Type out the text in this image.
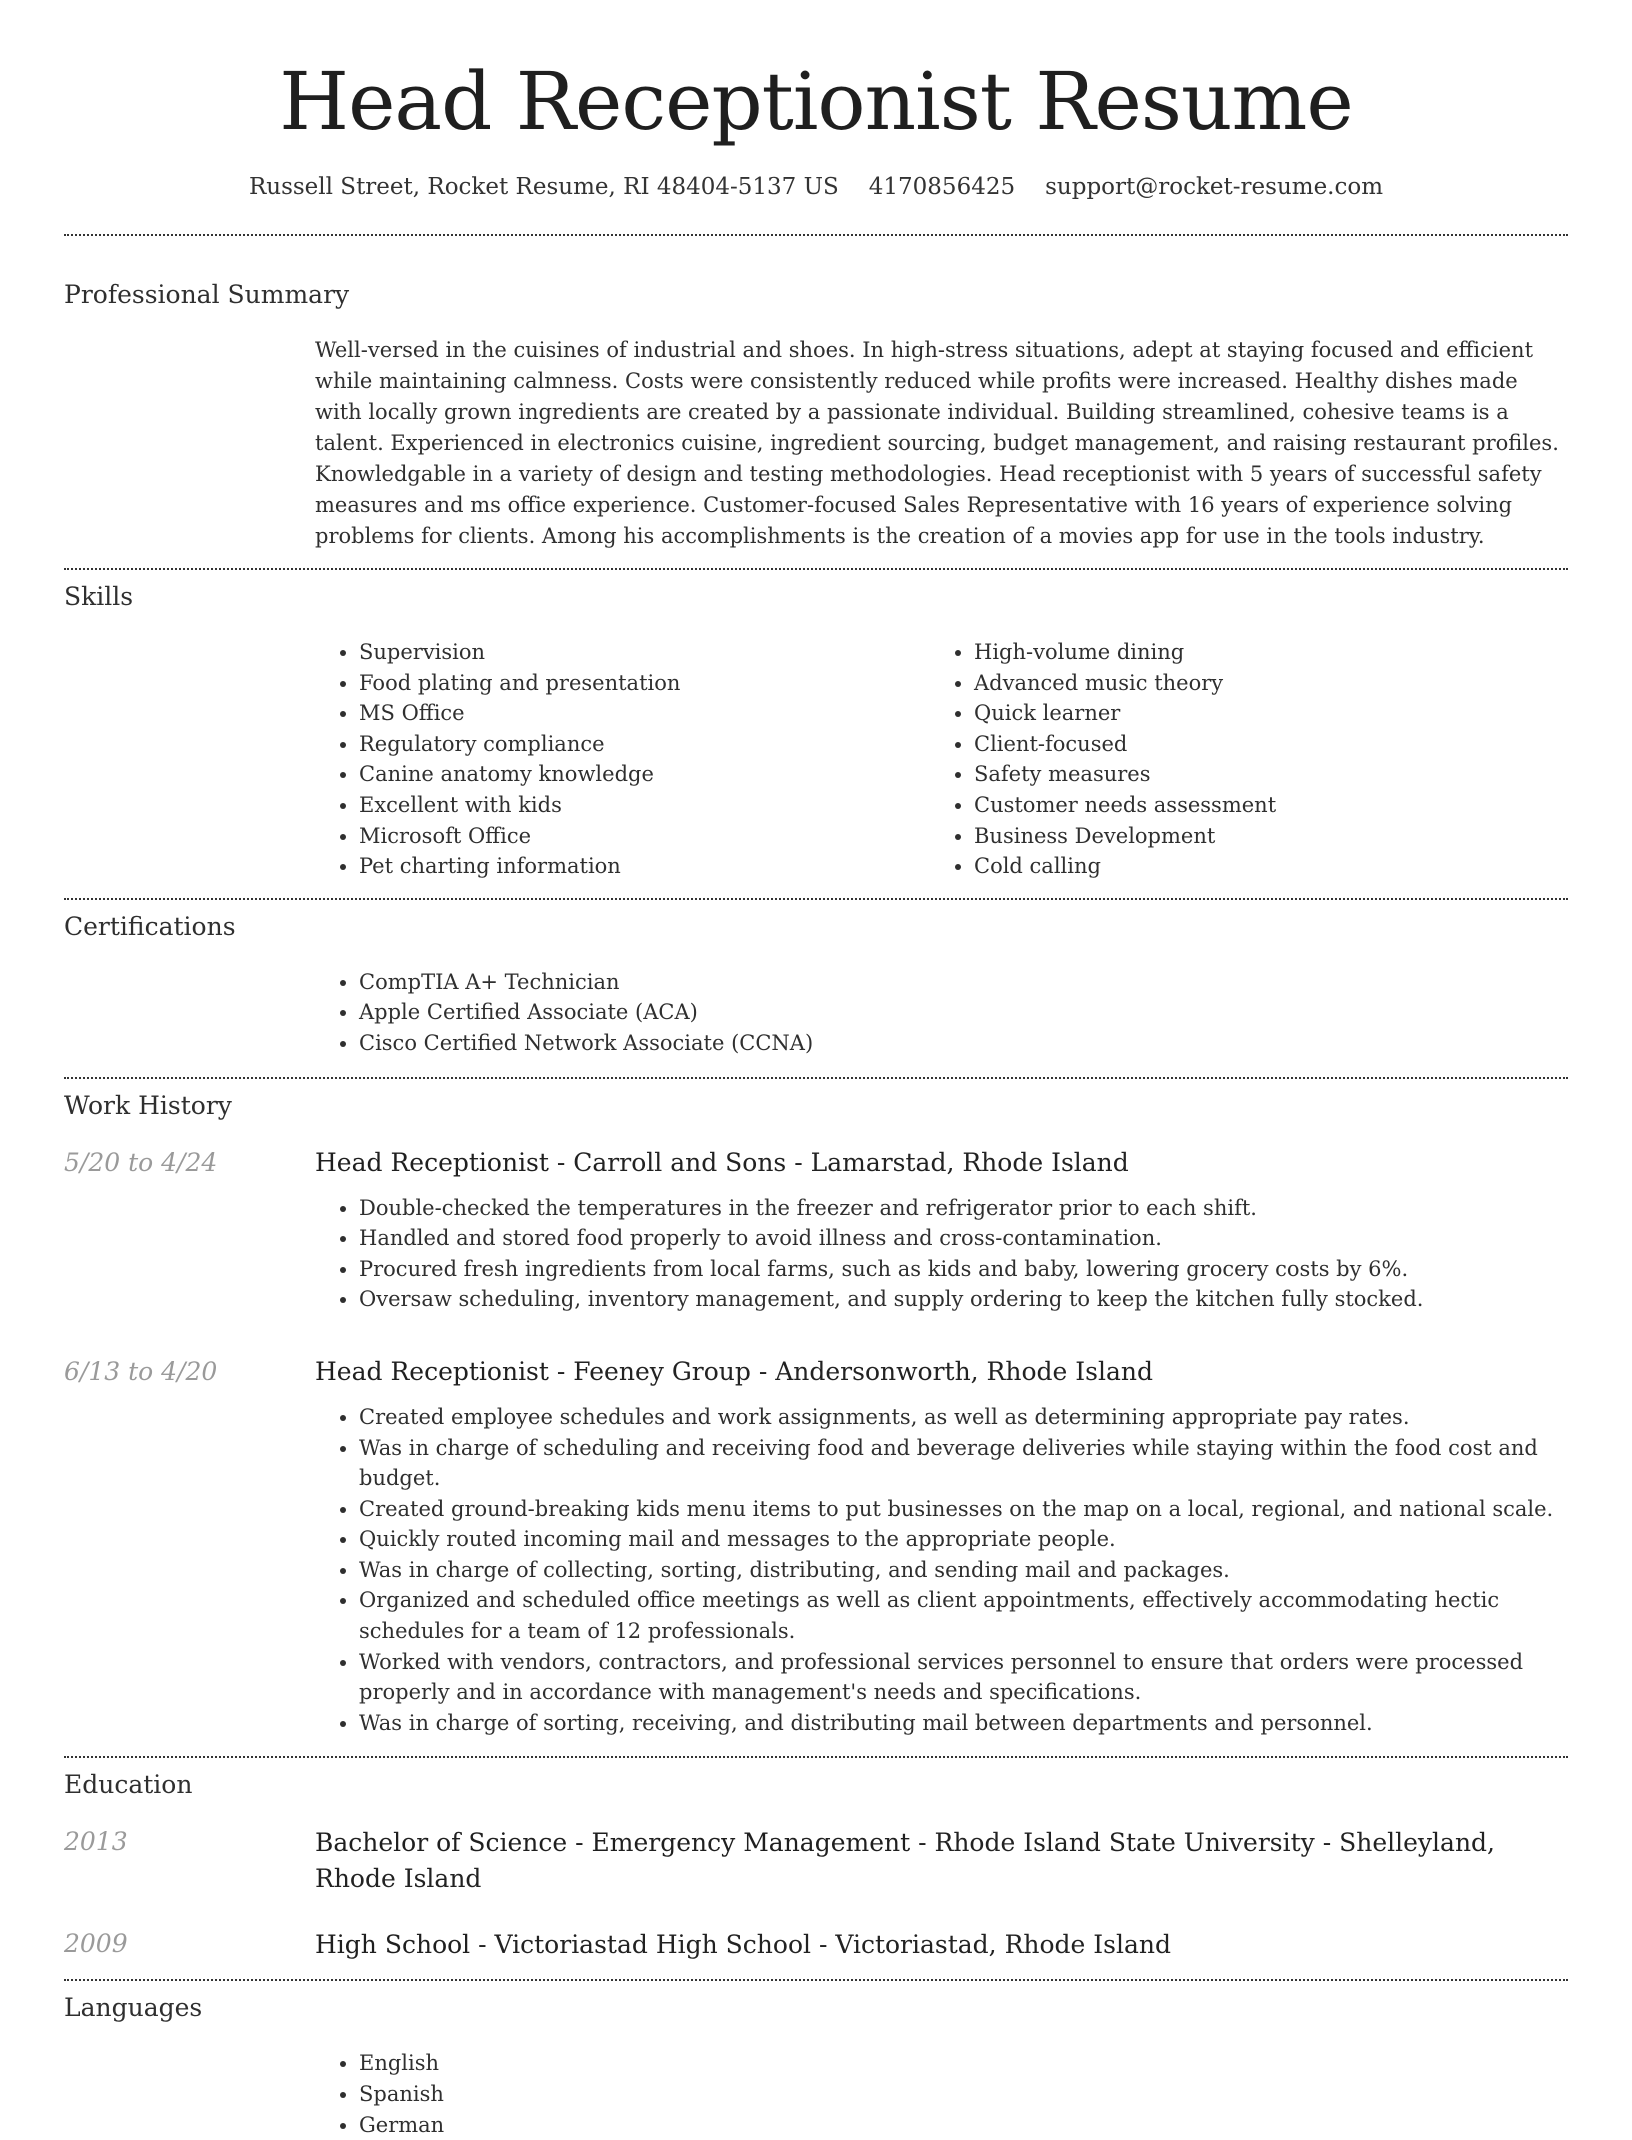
Head Receptionist Resume
Russell Street, Rocket Resume, RI 48404-5137 US 4170856425 support@rocket-resume.com
Professional Summary
Well-versed in the cuisines of industrial and shoes. In high-stress situations, adept at staying focused and efficient while maintaining calmness. Costs were consistently reduced while profits were increased. Healthy dishes made with locally grown ingredients are created by a passionate individual. Building streamlined, cohesive teams is a talent. Experienced in electronics cuisine, ingredient sourcing, budget management, and raising restaurant profiles. Knowledgable in a variety of design and testing methodologies. Head receptionist with 5 years of successful safety measures and ms office experience. Customer-focused Sales Representative with 16 years of experience solving problems for clients. Among his accomplishments is the creation of a movies app for use in the tools industry.
Skills
• Supervision
• Food plating and presentation
• MS Office
• Regulatory compliance
• Canine anatomy knowledge
• Excellent with kids
• Microsoft Office
• Pet charting information
• High-volume dining
• Advanced music theory
• Quick learner
• Client-focused
• Safety measures
• Customer needs assessment
• Business Development
• Cold calling
Certifications
• CompTIA A+ Technician
• Apple Certified Associate (ACA)
• Cisco Certified Network Associate (CCNA)
Work History
5/20 to 4/24	Head Receptionist - Carroll and Sons - Lamarstad, Rhode Island
• Double-checked the temperatures in the freezer and refrigerator prior to each shift.
• Handled and stored food properly to avoid illness and cross-contamination.
• Procured fresh ingredients from local farms, such as kids and baby, lowering grocery costs by 6%.
• Oversaw scheduling, inventory management, and supply ordering to keep the kitchen fully stocked.
6/13 to 4/20	Head Receptionist - Feeney Group - Andersonworth, Rhode Island
• Created employee schedules and work assignments, as well as determining appropriate pay rates.
• Was in charge of scheduling and receiving food and beverage deliveries while staying within the food cost and budget.
• Created ground-breaking kids menu items to put businesses on the map on a local, regional, and national scale.
• Quickly routed incoming mail and messages to the appropriate people.
• Was in charge of collecting, sorting, distributing, and sending mail and packages.
• Organized and scheduled office meetings as well as client appointments, effectively accommodating hectic schedules for a team of 12 professionals.
• Worked with vendors, contractors, and professional services personnel to ensure that orders were processed properly and in accordance with management's needs and specifications.
• Was in charge of sorting, receiving, and distributing mail between departments and personnel.
Education
2013	Bachelor of Science - Emergency Management - Rhode Island State University - Shelleyland, Rhode Island
2009	High School - Victoriastad High School - Victoriastad, Rhode Island
Languages
• English
• Spanish
• German
